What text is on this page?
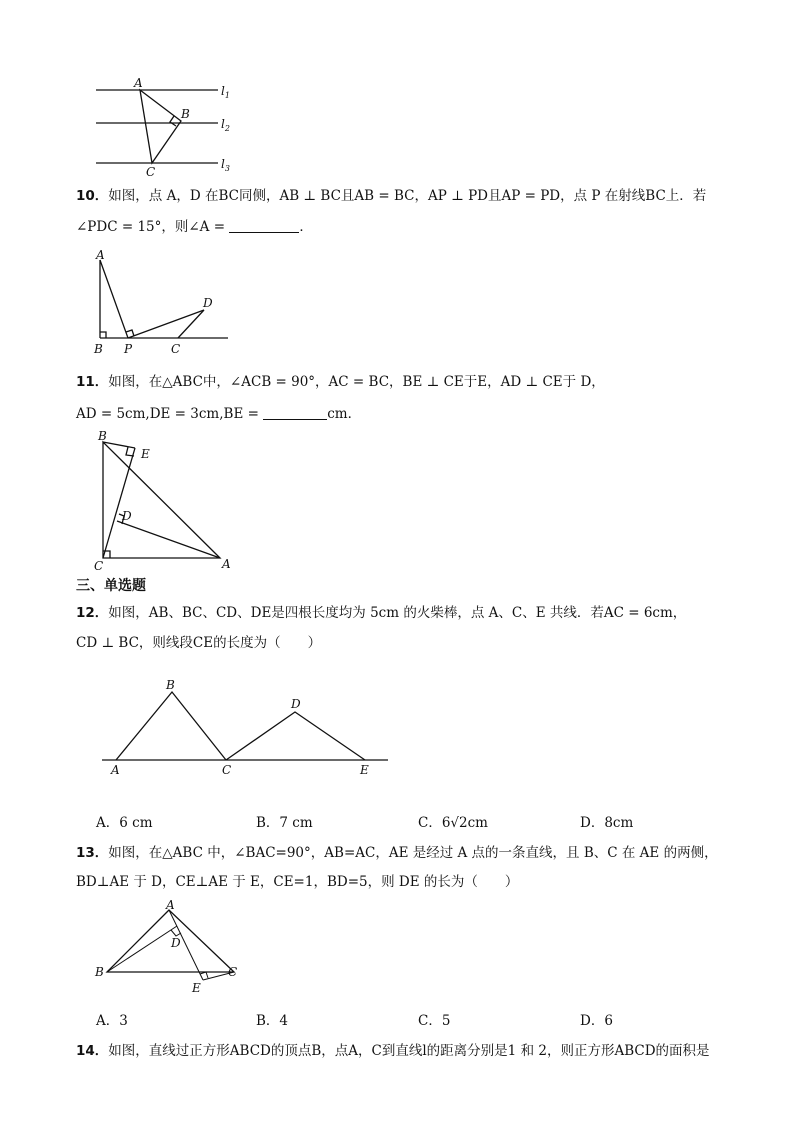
A
B
C
$l_1$
$l_2$
$l_3$
10．如图，点 A，D 在BC同侧，AB ⊥ BC且AB = BC，AP ⊥ PD且AP = PD，点 P 在射线BC上．若
∠PDC = 15°，则∠A =	．
A
B P	C
D
11．如图，在△ABC中，∠ACB = 90°，AC = BC，BE ⊥ CE于E，AD ⊥ CE于 D，
AD = 5cm,DE = 3cm,BE =	cm．
B
E
D
C	A
三、单选题
12．如图，AB、BC、CD、DE是四根长度均为 5cm 的火柴棒，点 A、C、E 共线．若AC = 6cm，
CD ⊥ BC，则线段CE的长度为（　　）
B
D
A	C	E
A．6 cm	B．7 cm	C．6√2cm	D．8cm
13．如图，在△ABC 中，∠BAC=90°，AB=AC，AE 是经过 A 点的一条直线，且 B、C 在 AE 的两侧，
BD⊥AE 于 D，CE⊥AE 于 E，CE=1，BD=5，则 DE 的长为（　　）
A
D
B
E
C
A．3	B．4	C．5	D．6
14．如图，直线过正方形ABCD的顶点B，点A，C到直线l的距离分别是1 和 2，则正方形ABCD的面积是
